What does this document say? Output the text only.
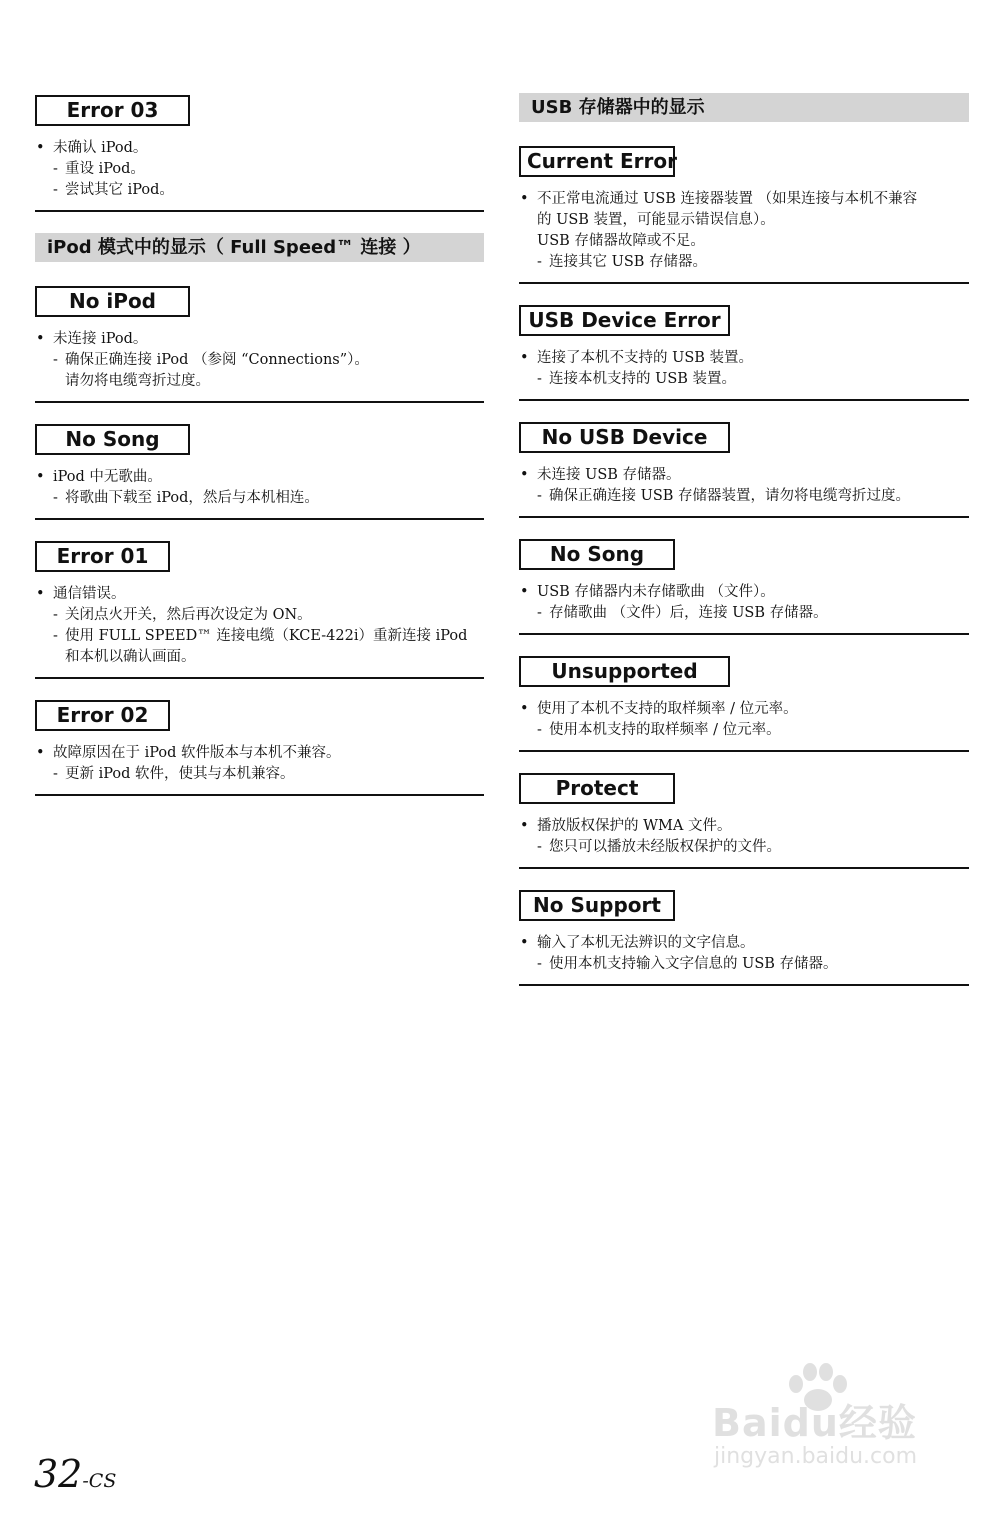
Error 03
• 未确认 iPod。
- 重设 iPod。
- 尝试其它 iPod。
iPod 模式中的显示（ Full Speed™ 连接 ）
No iPod
• 未连接 iPod。
- 确保正确连接 iPod （参阅 “Connections”）。
请勿将电缆弯折过度。
No Song
• iPod 中无歌曲。
- 将歌曲下载至 iPod，然后与本机相连。
Error 01
• 通信错误。
- 关闭点火开关，然后再次设定为 ON。
- 使用 FULL SPEED™ 连接电缆（KCE-422i）重新连接 iPod
和本机以确认画面。
Error 02
• 故障原因在于 iPod 软件版本与本机不兼容。
- 更新 iPod 软件，使其与本机兼容。
USB 存储器中的显示
Current Error
• 不正常电流通过 USB 连接器装置 （如果连接与本机不兼容
的 USB 装置，可能显示错误信息）。
USB 存储器故障或不足。
- 连接其它 USB 存储器。
USB Device Error
• 连接了本机不支持的 USB 装置。
- 连接本机支持的 USB 装置。
No USB Device
• 未连接 USB 存储器。
- 确保正确连接 USB 存储器装置，请勿将电缆弯折过度。
No Song
• USB 存储器内未存储歌曲 （文件）。
- 存储歌曲 （文件）后，连接 USB 存储器。
Unsupported
• 使用了本机不支持的取样频率 / 位元率。
- 使用本机支持的取样频率 / 位元率。
Protect
• 播放版权保护的 WMA 文件。
- 您只可以播放未经版权保护的文件。
No Support
• 输入了本机无法辨识的文字信息。
- 使用本机支持输入文字信息的 USB 存储器。
32-CS
Baidu经验
jingyan.baidu.com
